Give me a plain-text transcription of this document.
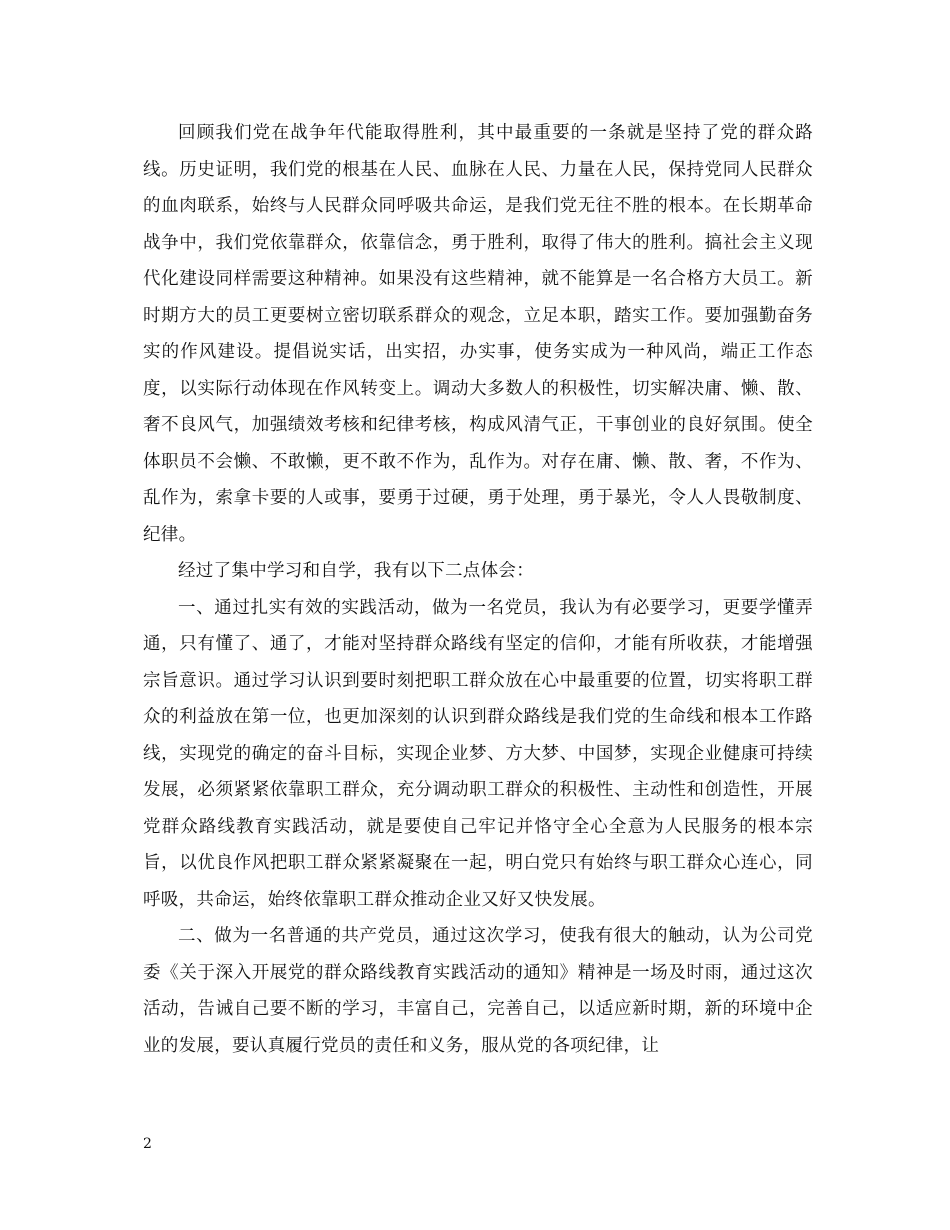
回顾我们党在战争年代能取得胜利，其中最重要的一条就是坚持了党的群众路线。历史证明，我们党的根基在人民、血脉在人民、力量在人民，保持党同人民群众的血肉联系，始终与人民群众同呼吸共命运，是我们党无往不胜的根本。在长期革命战争中，我们党依靠群众，依靠信念，勇于胜利，取得了伟大的胜利。搞社会主义现代化建设同样需要这种精神。如果没有这些精神，就不能算是一名合格方大员工。新时期方大的员工更要树立密切联系群众的观念，立足本职，踏实工作。要加强勤奋务实的作风建设。提倡说实话，出实招，办实事，使务实成为一种风尚，端正工作态度，以实际行动体现在作风转变上。调动大多数人的积极性，切实解决庸、懒、散、奢不良风气，加强绩效考核和纪律考核，构成风清气正，干事创业的良好氛围。使全体职员不会懒、不敢懒，更不敢不作为，乱作为。对存在庸、懒、散、奢，不作为、乱作为，索拿卡要的人或事，要勇于过硬，勇于处理，勇于暴光，令人人畏敬制度、纪律。

经过了集中学习和自学，我有以下二点体会：

一、通过扎实有效的实践活动，做为一名党员，我认为有必要学习，更要学懂弄通，只有懂了、通了，才能对坚持群众路线有坚定的信仰，才能有所收获，才能增强宗旨意识。通过学习认识到要时刻把职工群众放在心中最重要的位置，切实将职工群众的利益放在第一位，也更加深刻的认识到群众路线是我们党的生命线和根本工作路线，实现党的确定的奋斗目标，实现企业梦、方大梦、中国梦，实现企业健康可持续发展，必须紧紧依靠职工群众，充分调动职工群众的积极性、主动性和创造性，开展党群众路线教育实践活动，就是要使自己牢记并恪守全心全意为人民服务的根本宗旨，以优良作风把职工群众紧紧凝聚在一起，明白党只有始终与职工群众心连心，同呼吸，共命运，始终依靠职工群众推动企业又好又快发展。

二、做为一名普通的共产党员，通过这次学习，使我有很大的触动，认为公司党委《关于深入开展党的群众路线教育实践活动的通知》精神是一场及时雨，通过这次活动，告诫自己要不断的学习，丰富自己，完善自己，以适应新时期，新的环境中企业的发展，要认真履行党员的责任和义务，服从党的各项纪律，让

2
